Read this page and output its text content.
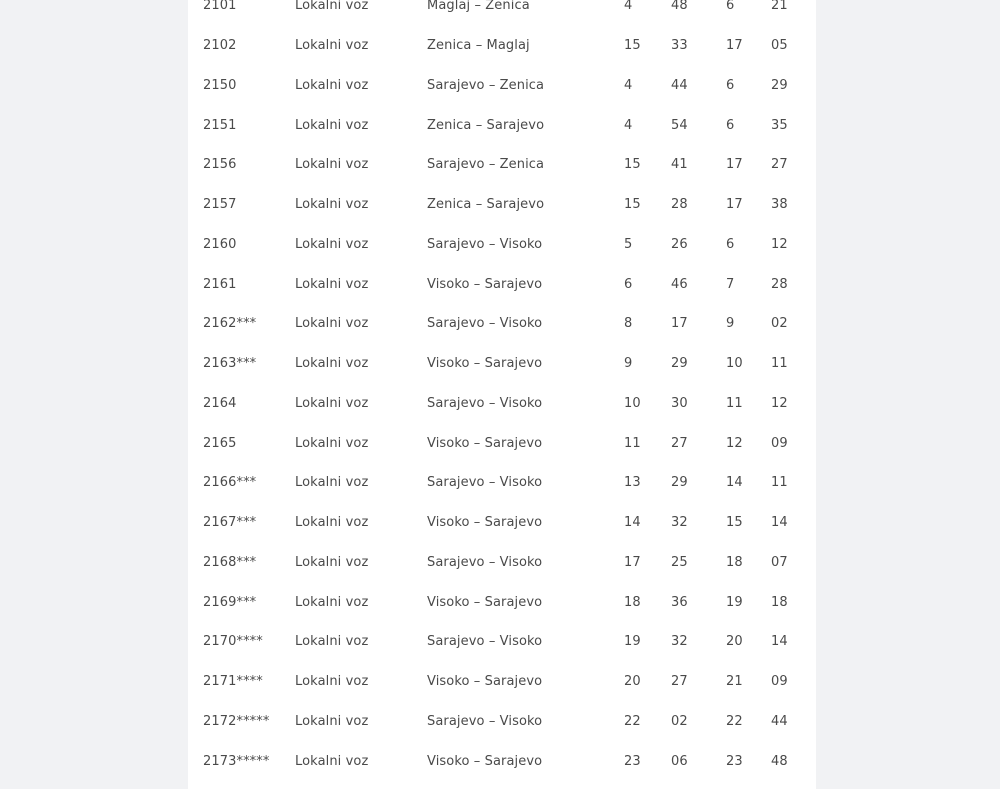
2101	Lokalni voz	Maglaj – Zenica	4	48	6	21
2102	Lokalni voz	Zenica – Maglaj	15	33	17	05
2150	Lokalni voz	Sarajevo – Zenica	4	44	6	29
2151	Lokalni voz	Zenica – Sarajevo	4	54	6	35
2156	Lokalni voz	Sarajevo – Zenica	15	41	17	27
2157	Lokalni voz	Zenica – Sarajevo	15	28	17	38
2160	Lokalni voz	Sarajevo – Visoko	5	26	6	12
2161	Lokalni voz	Visoko – Sarajevo	6	46	7	28
2162***	Lokalni voz	Sarajevo – Visoko	8	17	9	02
2163***	Lokalni voz	Visoko – Sarajevo	9	29	10	11
2164	Lokalni voz	Sarajevo – Visoko	10	30	11	12
2165	Lokalni voz	Visoko – Sarajevo	11	27	12	09
2166***	Lokalni voz	Sarajevo – Visoko	13	29	14	11
2167***	Lokalni voz	Visoko – Sarajevo	14	32	15	14
2168***	Lokalni voz	Sarajevo – Visoko	17	25	18	07
2169***	Lokalni voz	Visoko – Sarajevo	18	36	19	18
2170****	Lokalni voz	Sarajevo – Visoko	19	32	20	14
2171****	Lokalni voz	Visoko – Sarajevo	20	27	21	09
2172*****	Lokalni voz	Sarajevo – Visoko	22	02	22	44
2173*****	Lokalni voz	Visoko – Sarajevo	23	06	23	48
